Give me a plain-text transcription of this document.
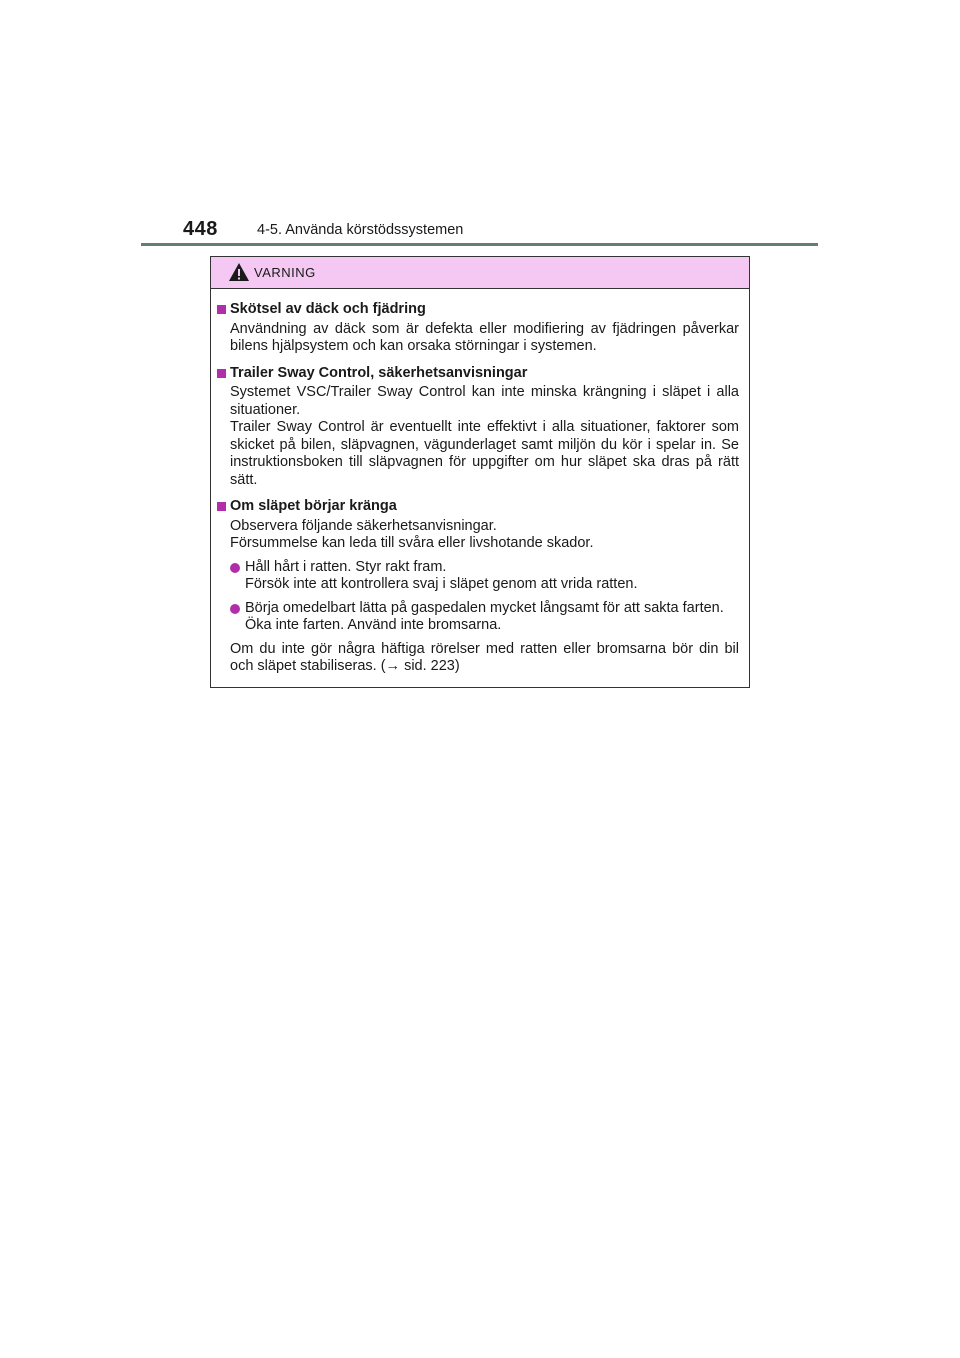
448	4-5. Använda körstödssystemen
VARNING
Skötsel av däck och fjädring
Användning av däck som är defekta eller modifiering av fjädringen påverkar bilens hjälpsystem och kan orsaka störningar i systemen.
Trailer Sway Control, säkerhetsanvisningar
Systemet VSC/Trailer Sway Control kan inte minska krängning i släpet i alla situationer.
Trailer Sway Control är eventuellt inte effektivt i alla situationer, faktorer som skicket på bilen, släpvagnen, vägunderlaget samt miljön du kör i spelar in. Se instruktionsboken till släpvagnen för uppgifter om hur släpet ska dras på rätt sätt.
Om släpet börjar kränga
Observera följande säkerhetsanvisningar.
Försummelse kan leda till svåra eller livshotande skador.
Håll hårt i ratten. Styr rakt fram.
Försök inte att kontrollera svaj i släpet genom att vrida ratten.
Börja omedelbart lätta på gaspedalen mycket långsamt för att sakta farten. Öka inte farten. Använd inte bromsarna.
Om du inte gör några häftiga rörelser med ratten eller bromsarna bör din bil och släpet stabiliseras. (→ sid. 223)
